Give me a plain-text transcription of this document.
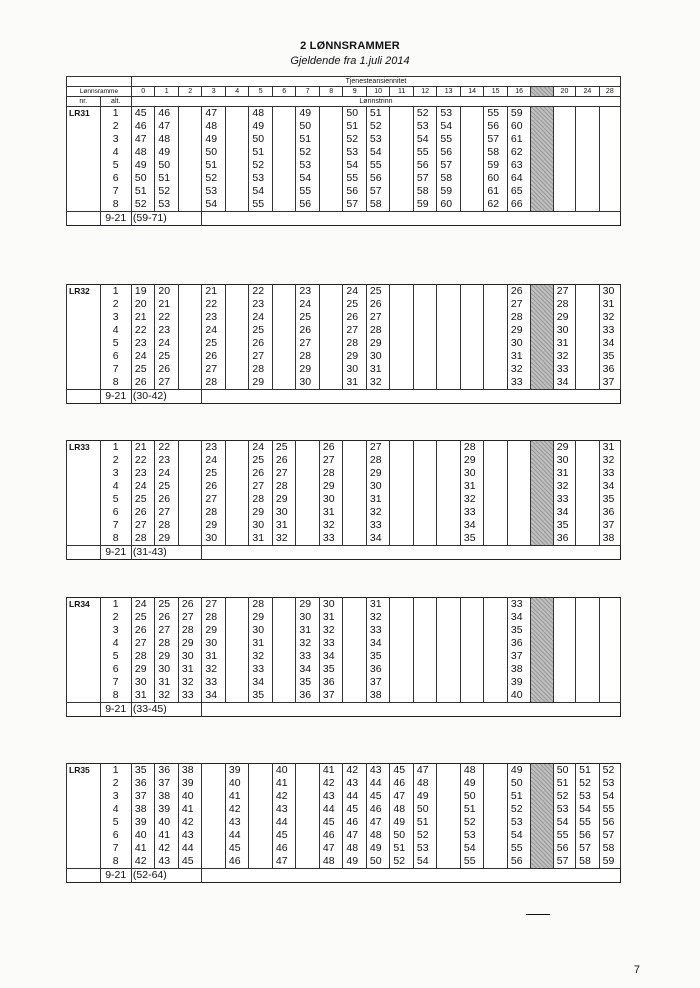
2 LØNNSRAMMER
Gjeldende fra 1.juli 2014
		Tjenesteansiennitet																				
Lønnsramme		0	1	2	3	4	5	6	7	8	9	10	11	12	13	14	15	16		20	24	28
nr.	alt.	Lønnstrinn																				
LR31	1	45	46		47		48		49		50	51		52	53		55	59				
	2	46	47		48		49		50		51	52		53	54		56	60				
	3	47	48		49		50		51		52	53		54	55		57	61				
	4	48	49		50		51		52		53	54		55	56		58	62				
	5	49	50		51		52		53		54	55		56	57		59	63				
	6	50	51		52		53		54		55	56		57	58		60	64				
	7	51	52		53		54		55		56	57		58	59		61	65				
	8	52	53		54		55		56		57	58		59	60		62	66				
	9-21	(59-71)																				
LR32	1	19	20		21		22		23		24	25						26		27		30
	2	20	21		22		23		24		25	26						27		28		31
	3	21	22		23		24		25		26	27						28		29		32
	4	22	23		24		25		26		27	28						29		30		33
	5	23	24		25		26		27		28	29						30		31		34
	6	24	25		26		27		28		29	30						31		32		35
	7	25	26		27		28		29		30	31						32		33		36
	8	26	27		28		29		30		31	32						33		34		37
	9-21	(30-42)																				
LR33	1	21	22		23		24	25		26		27				28				29		31
	2	22	23		24		25	26		27		28				29				30		32
	3	23	24		25		26	27		28		29				30				31		33
	4	24	25		26		27	28		29		30				31				32		34
	5	25	26		27		28	29		30		31				32				33		35
	6	26	27		28		29	30		31		32				33				34		36
	7	27	28		29		30	31		32		33				34				35		37
	8	28	29		30		31	32		33		34				35				36		38
	9-21	(31-43)																				
LR34	1	24	25	26	27		28		29	30		31						33				
	2	25	26	27	28		29		30	31		32						34				
	3	26	27	28	29		30		31	32		33						35				
	4	27	28	29	30		31		32	33		34						36				
	5	28	29	30	31		32		33	34		35						37				
	6	29	30	31	32		33		34	35		36						38				
	7	30	31	32	33		34		35	36		37						39				
	8	31	32	33	34		35		36	37		38						40				
	9-21	(33-45)																				
LR35	1	35	36	38		39		40		41	42	43	45	47		48		49		50	51	52
	2	36	37	39		40		41		42	43	44	46	48		49		50		51	52	53
	3	37	38	40		41		42		43	44	45	47	49		50		51		52	53	54
	4	38	39	41		42		43		44	45	46	48	50		51		52		53	54	55
	5	39	40	42		43		44		45	46	47	49	51		52		53		54	55	56
	6	40	41	43		44		45		46	47	48	50	52		53		54		55	56	57
	7	41	42	44		45		46		47	48	49	51	53		54		55		56	57	58
	8	42	43	45		46		47		48	49	50	52	54		55		56		57	58	59
	9-21	(52-64)																				
7
